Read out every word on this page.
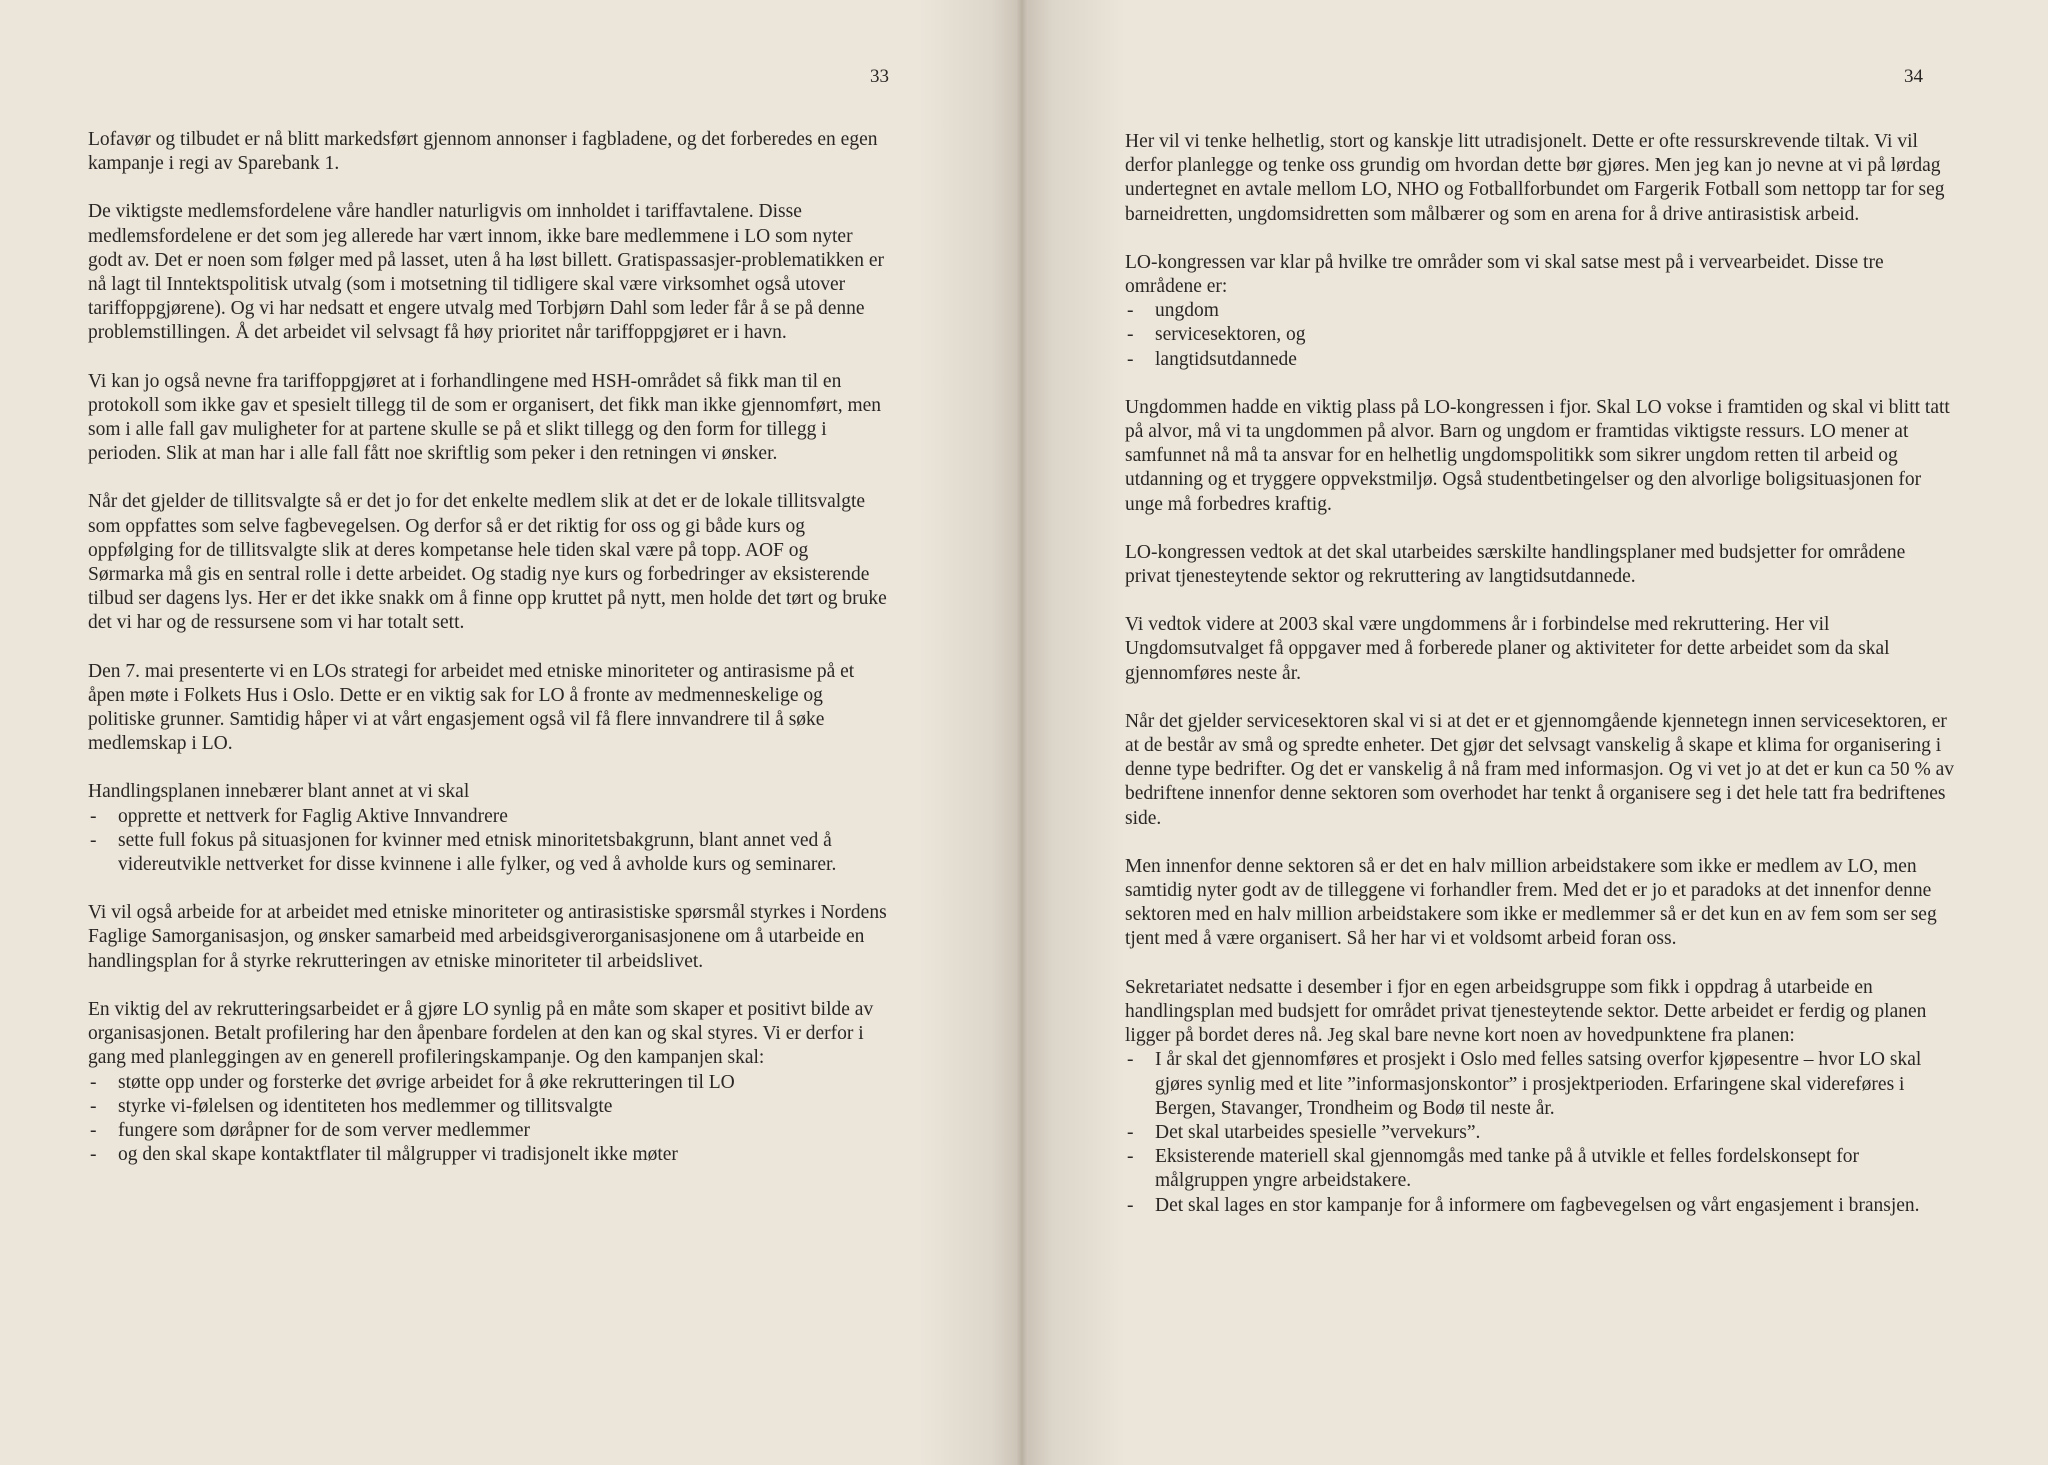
33

Lofavør og tilbudet er nå blitt markedsført gjennom annonser i fagbladene, og det forberedes en egen kampanje i regi av Sparebank 1.

De viktigste medlemsfordelene våre handler naturligvis om innholdet i tariffavtalene. Disse medlemsfordelene er det som jeg allerede har vært innom, ikke bare medlemmene i LO som nyter godt av. Det er noen som følger med på lasset, uten å ha løst billett. Gratispassasjer-problematikken er nå lagt til Inntektspolitisk utvalg (som i motsetning til tidligere skal være virksomhet også utover tariffoppgjørene). Og vi har nedsatt et engere utvalg med Torbjørn Dahl som leder får å se på denne problemstillingen. Å det arbeidet vil selvsagt få høy prioritet når tariffoppgjøret er i havn.

Vi kan jo også nevne fra tariffoppgjøret at i forhandlingene med HSH-området så fikk man til en protokoll som ikke gav et spesielt tillegg til de som er organisert, det fikk man ikke gjennomført, men som i alle fall gav muligheter for at partene skulle se på et slikt tillegg og den form for tillegg i perioden. Slik at man har i alle fall fått noe skriftlig som peker i den retningen vi ønsker.

Når det gjelder de tillitsvalgte så er det jo for det enkelte medlem slik at det er de lokale tillitsvalgte som oppfattes som selve fagbevegelsen. Og derfor så er det riktig for oss og gi både kurs og oppfølging for de tillitsvalgte slik at deres kompetanse hele tiden skal være på topp. AOF og Sørmarka må gis en sentral rolle i dette arbeidet. Og stadig nye kurs og forbedringer av eksisterende tilbud ser dagens lys. Her er det ikke snakk om å finne opp kruttet på nytt, men holde det tørt og bruke det vi har og de ressursene som vi har totalt sett.

Den 7. mai presenterte vi en LOs strategi for arbeidet med etniske minoriteter og antirasisme på et åpen møte i Folkets Hus i Oslo. Dette er en viktig sak for LO å fronte av medmenneskelige og politiske grunner. Samtidig håper vi at vårt engasjement også vil få flere innvandrere til å søke medlemskap i LO.

Handlingsplanen innebærer blant annet at vi skal

- opprette et nettverk for Faglig Aktive Innvandrere
- sette full fokus på situasjonen for kvinner med etnisk minoritetsbakgrunn, blant annet ved å videreutvikle nettverket for disse kvinnene i alle fylker, og ved å avholde kurs og seminarer.

Vi vil også arbeide for at arbeidet med etniske minoriteter og antirasistiske spørsmål styrkes i Nordens Faglige Samorganisasjon, og ønsker samarbeid med arbeidsgiverorganisasjonene om å utarbeide en handlingsplan for å styrke rekrutteringen av etniske minoriteter til arbeidslivet.

En viktig del av rekrutteringsarbeidet er å gjøre LO synlig på en måte som skaper et positivt bilde av organisasjonen. Betalt profilering har den åpenbare fordelen at den kan og skal styres. Vi er derfor i gang med planleggingen av en generell profileringskampanje. Og den kampanjen skal:

- støtte opp under og forsterke det øvrige arbeidet for å øke rekrutteringen til LO
- styrke vi-følelsen og identiteten hos medlemmer og tillitsvalgte
- fungere som døråpner for de som verver medlemmer
- og den skal skape kontaktflater til målgrupper vi tradisjonelt ikke møter
34

Her vil vi tenke helhetlig, stort og kanskje litt utradisjonelt. Dette er ofte ressurskrevende tiltak. Vi vil derfor planlegge og tenke oss grundig om hvordan dette bør gjøres. Men jeg kan jo nevne at vi på lørdag undertegnet en avtale mellom LO, NHO og Fotballforbundet om Fargerik Fotball som nettopp tar for seg barneidretten, ungdomsidretten som målbærer og som en arena for å drive antirasistisk arbeid.

LO-kongressen var klar på hvilke tre områder som vi skal satse mest på i vervearbeidet. Disse tre områdene er:

- ungdom
- servicesektoren, og
- langtidsutdannede

Ungdommen hadde en viktig plass på LO-kongressen i fjor. Skal LO vokse i framtiden og skal vi blitt tatt på alvor, må vi ta ungdommen på alvor. Barn og ungdom er framtidas viktigste ressurs. LO mener at samfunnet nå må ta ansvar for en helhetlig ungdomspolitikk som sikrer ungdom retten til arbeid og utdanning og et tryggere oppvekstmiljø. Også studentbetingelser og den alvorlige boligsituasjonen for unge må forbedres kraftig.

LO-kongressen vedtok at det skal utarbeides særskilte handlingsplaner med budsjetter for områdene privat tjenesteytende sektor og rekruttering av langtidsutdannede.

Vi vedtok videre at 2003 skal være ungdommens år i forbindelse med rekruttering. Her vil Ungdomsutvalget få oppgaver med å forberede planer og aktiviteter for dette arbeidet som da skal gjennomføres neste år.

Når det gjelder servicesektoren skal vi si at det er et gjennomgående kjennetegn innen servicesektoren, er at de består av små og spredte enheter. Det gjør det selvsagt vanskelig å skape et klima for organisering i denne type bedrifter. Og det er vanskelig å nå fram med informasjon. Og vi vet jo at det er kun ca 50 % av bedriftene innenfor denne sektoren som overhodet har tenkt å organisere seg i det hele tatt fra bedriftenes side.

Men innenfor denne sektoren så er det en halv million arbeidstakere som ikke er medlem av LO, men samtidig nyter godt av de tilleggene vi forhandler frem. Med det er jo et paradoks at det innenfor denne sektoren med en halv million arbeidstakere som ikke er medlemmer så er det kun en av fem som ser seg tjent med å være organisert. Så her har vi et voldsomt arbeid foran oss.

Sekretariatet nedsatte i desember i fjor en egen arbeidsgruppe som fikk i oppdrag å utarbeide en handlingsplan med budsjett for området privat tjenesteytende sektor. Dette arbeidet er ferdig og planen ligger på bordet deres nå. Jeg skal bare nevne kort noen av hovedpunktene fra planen:

- I år skal det gjennomføres et prosjekt i Oslo med felles satsing overfor kjøpesentre – hvor LO skal gjøres synlig med et lite ”informasjonskontor” i prosjektperioden. Erfaringene skal videreføres i Bergen, Stavanger, Trondheim og Bodø til neste år.
- Det skal utarbeides spesielle ”vervekurs”.
- Eksisterende materiell skal gjennomgås med tanke på å utvikle et felles fordelskonsept for målgruppen yngre arbeidstakere.
- Det skal lages en stor kampanje for å informere om fagbevegelsen og vårt engasjement i bransjen.
